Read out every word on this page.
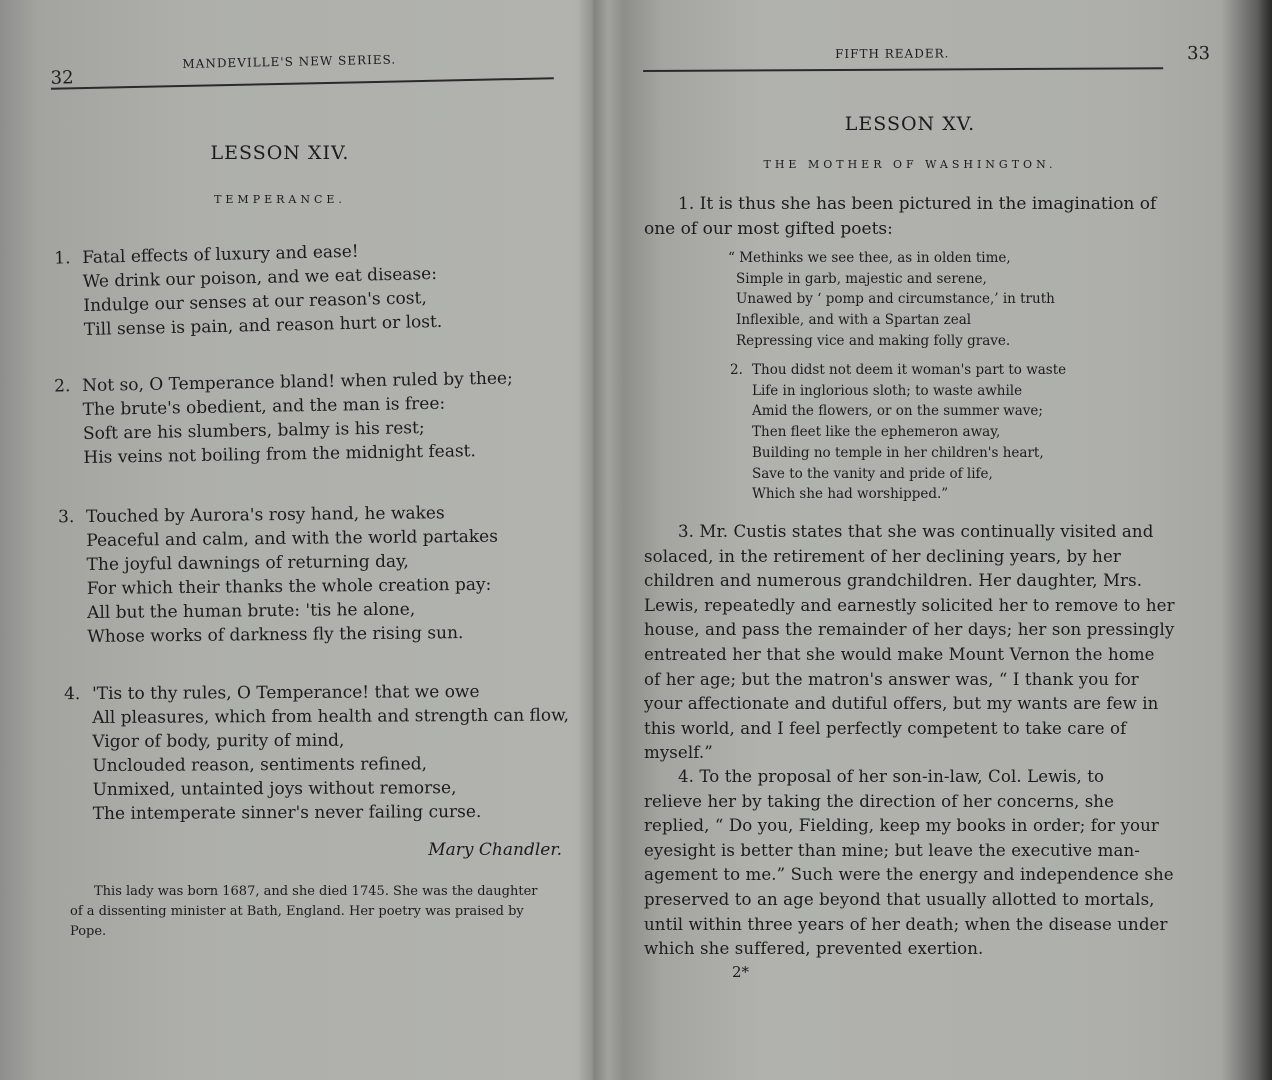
32
MANDEVILLE'S NEW SERIES.
LESSON XIV.
TEMPERANCE.
1. Fatal effects of luxury and ease!
We drink our poison, and we eat disease:
Indulge our senses at our reason's cost,
Till sense is pain, and reason hurt or lost.
2. Not so, O Temperance bland! when ruled by thee;
The brute's obedient, and the man is free:
Soft are his slumbers, balmy is his rest;
His veins not boiling from the midnight feast.
3. Touched by Aurora's rosy hand, he wakes
Peaceful and calm, and with the world partakes
The joyful dawnings of returning day,
For which their thanks the whole creation pay:
All but the human brute: 'tis he alone,
Whose works of darkness fly the rising sun.
4. 'Tis to thy rules, O Temperance! that we owe
All pleasures, which from health and strength can flow,
Vigor of body, purity of mind,
Unclouded reason, sentiments refined,
Unmixed, untainted joys without remorse,
The intemperate sinner's never failing curse.
Mary Chandler.
This lady was born 1687, and she died 1745. She was the daughter
of a dissenting minister at Bath, England. Her poetry was praised by
Pope.
FIFTH READER.	33
LESSON XV.
THE MOTHER OF WASHINGTON.
1. It is thus she has been pictured in the imagination of
one of our most gifted poets:
“ Methinks we see thee, as in olden time,
Simple in garb, majestic and serene,
Unawed by ‘ pomp and circumstance,’ in truth
Inflexible, and with a Spartan zeal
Repressing vice and making folly grave.
2. Thou didst not deem it woman's part to waste
Life in inglorious sloth; to waste awhile
Amid the flowers, or on the summer wave;
Then fleet like the ephemeron away,
Building no temple in her children's heart,
Save to the vanity and pride of life,
Which she had worshipped.”
3. Mr. Custis states that she was continually visited and
solaced, in the retirement of her declining years, by her
children and numerous grandchildren. Her daughter, Mrs.
Lewis, repeatedly and earnestly solicited her to remove to her
house, and pass the remainder of her days; her son pressingly
entreated her that she would make Mount Vernon the home
of her age; but the matron's answer was, “ I thank you for
your affectionate and dutiful offers, but my wants are few in
this world, and I feel perfectly competent to take care of
myself.”
4. To the proposal of her son-in-law, Col. Lewis, to
relieve her by taking the direction of her concerns, she
replied, “ Do you, Fielding, keep my books in order; for your
eyesight is better than mine; but leave the executive man-
agement to me.” Such were the energy and independence she
preserved to an age beyond that usually allotted to mortals,
until within three years of her death; when the disease under
which she suffered, prevented exertion.
2*
